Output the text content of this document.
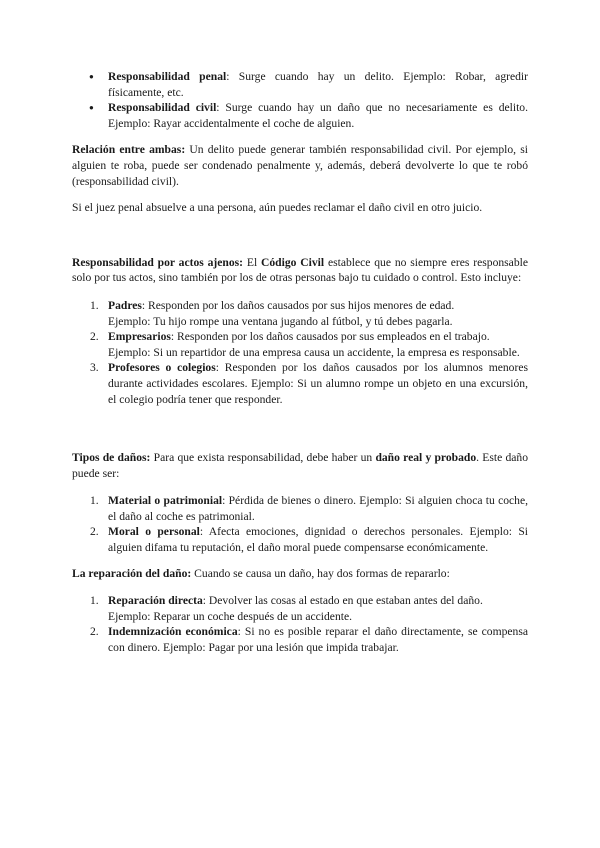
● Responsabilidad penal: Surge cuando hay un delito. Ejemplo: Robar, agredir físicamente, etc.
● Responsabilidad civil: Surge cuando hay un daño que no necesariamente es delito. Ejemplo: Rayar accidentalmente el coche de alguien.

Relación entre ambas: Un delito puede generar también responsabilidad civil. Por ejemplo, si alguien te roba, puede ser condenado penalmente y, además, deberá devolverte lo que te robó (responsabilidad civil).

Si el juez penal absuelve a una persona, aún puedes reclamar el daño civil en otro juicio.

Responsabilidad por actos ajenos: El Código Civil establece que no siempre eres responsable solo por tus actos, sino también por los de otras personas bajo tu cuidado o control. Esto incluye:

1. Padres: Responden por los daños causados por sus hijos menores de edad.
Ejemplo: Tu hijo rompe una ventana jugando al fútbol, y tú debes pagarla.
2. Empresarios: Responden por los daños causados por sus empleados en el trabajo.
Ejemplo: Si un repartidor de una empresa causa un accidente, la empresa es responsable.
3. Profesores o colegios: Responden por los daños causados por los alumnos menores durante actividades escolares. Ejemplo: Si un alumno rompe un objeto en una excursión, el colegio podría tener que responder.

Tipos de daños: Para que exista responsabilidad, debe haber un daño real y probado. Este daño puede ser:

1. Material o patrimonial: Pérdida de bienes o dinero. Ejemplo: Si alguien choca tu coche, el daño al coche es patrimonial.
2. Moral o personal: Afecta emociones, dignidad o derechos personales. Ejemplo: Si alguien difama tu reputación, el daño moral puede compensarse económicamente.

La reparación del daño: Cuando se causa un daño, hay dos formas de repararlo:

1. Reparación directa: Devolver las cosas al estado en que estaban antes del daño.
Ejemplo: Reparar un coche después de un accidente.
2. Indemnización económica: Si no es posible reparar el daño directamente, se compensa con dinero. Ejemplo: Pagar por una lesión que impida trabajar.
